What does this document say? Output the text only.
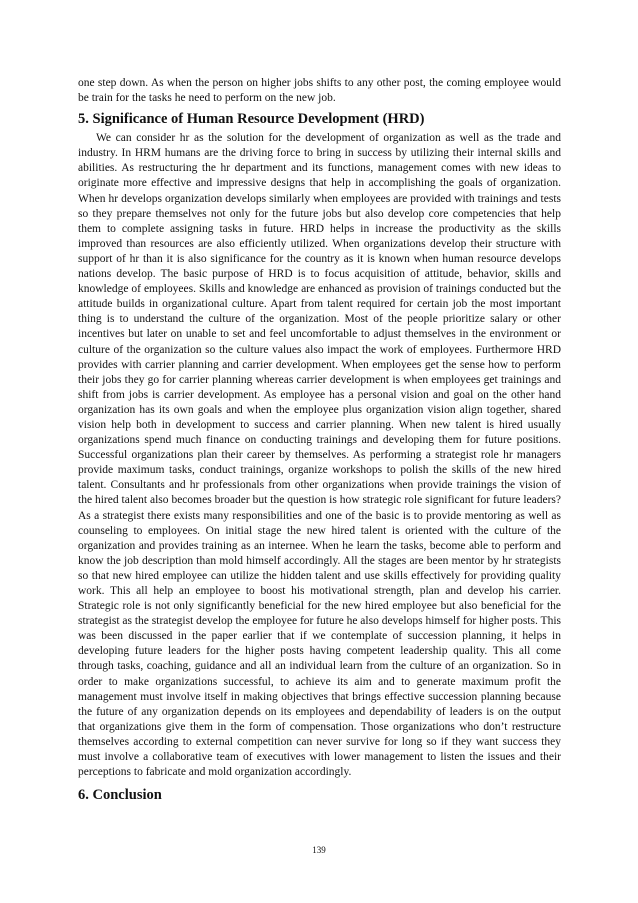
one step down. As when the person on higher jobs shifts to any other post, the coming employee would be train for the tasks he need to perform on the new job.

5. Significance of Human Resource Development (HRD)

We can consider hr as the solution for the development of organization as well as the trade and industry. In HRM humans are the driving force to bring in success by utilizing their internal skills and abilities. As restructuring the hr department and its functions, management comes with new ideas to originate more effective and impressive designs that help in accomplishing the goals of organization. When hr develops organization develops similarly when employees are provided with trainings and tests so they prepare themselves not only for the future jobs but also develop core competencies that help them to complete assigning tasks in future. HRD helps in increase the productivity as the skills improved than resources are also efficiently utilized. When organizations develop their structure with support of hr than it is also significance for the country as it is known when human resource develops nations develop. The basic purpose of HRD is to focus acquisition of attitude, behavior, skills and knowledge of employees. Skills and knowledge are enhanced as provision of trainings conducted but the attitude builds in organizational culture. Apart from talent required for certain job the most important thing is to understand the culture of the organization. Most of the people prioritize salary or other incentives but later on unable to set and feel uncomfortable to adjust themselves in the environment or culture of the organization so the culture values also impact the work of employees. Furthermore HRD provides with carrier planning and carrier development. When employees get the sense how to perform their jobs they go for carrier planning whereas carrier development is when employees get trainings and shift from jobs is carrier development. As employee has a personal vision and goal on the other hand organization has its own goals and when the employee plus organization vision align together, shared vision help both in development to success and carrier planning. When new talent is hired usually organizations spend much finance on conducting trainings and developing them for future positions. Successful organizations plan their career by themselves. As performing a strategist role hr managers provide maximum tasks, conduct trainings, organize workshops to polish the skills of the new hired talent. Consultants and hr professionals from other organizations when provide trainings the vision of the hired talent also becomes broader but the question is how strategic role significant for future leaders? As a strategist there exists many responsibilities and one of the basic is to provide mentoring as well as counseling to employees. On initial stage the new hired talent is oriented with the culture of the organization and provides training as an internee. When he learn the tasks, become able to perform and know the job description than mold himself accordingly. All the stages are been mentor by hr strategists so that new hired employee can utilize the hidden talent and use skills effectively for providing quality work. This all help an employee to boost his motivational strength, plan and develop his carrier. Strategic role is not only significantly beneficial for the new hired employee but also beneficial for the strategist as the strategist develop the employee for future he also develops himself for higher posts. This was been discussed in the paper earlier that if we contemplate of succession planning, it helps in developing future leaders for the higher posts having competent leadership quality. This all come through tasks, coaching, guidance and all an individual learn from the culture of an organization. So in order to make organizations successful, to achieve its aim and to generate maximum profit the management must involve itself in making objectives that brings effective succession planning because the future of any organization depends on its employees and dependability of leaders is on the output that organizations give them in the form of compensation. Those organizations who don’t restructure themselves according to external competition can never survive for long so if they want success they must involve a collaborative team of executives with lower management to listen the issues and their perceptions to fabricate and mold organization accordingly.

6. Conclusion
139
